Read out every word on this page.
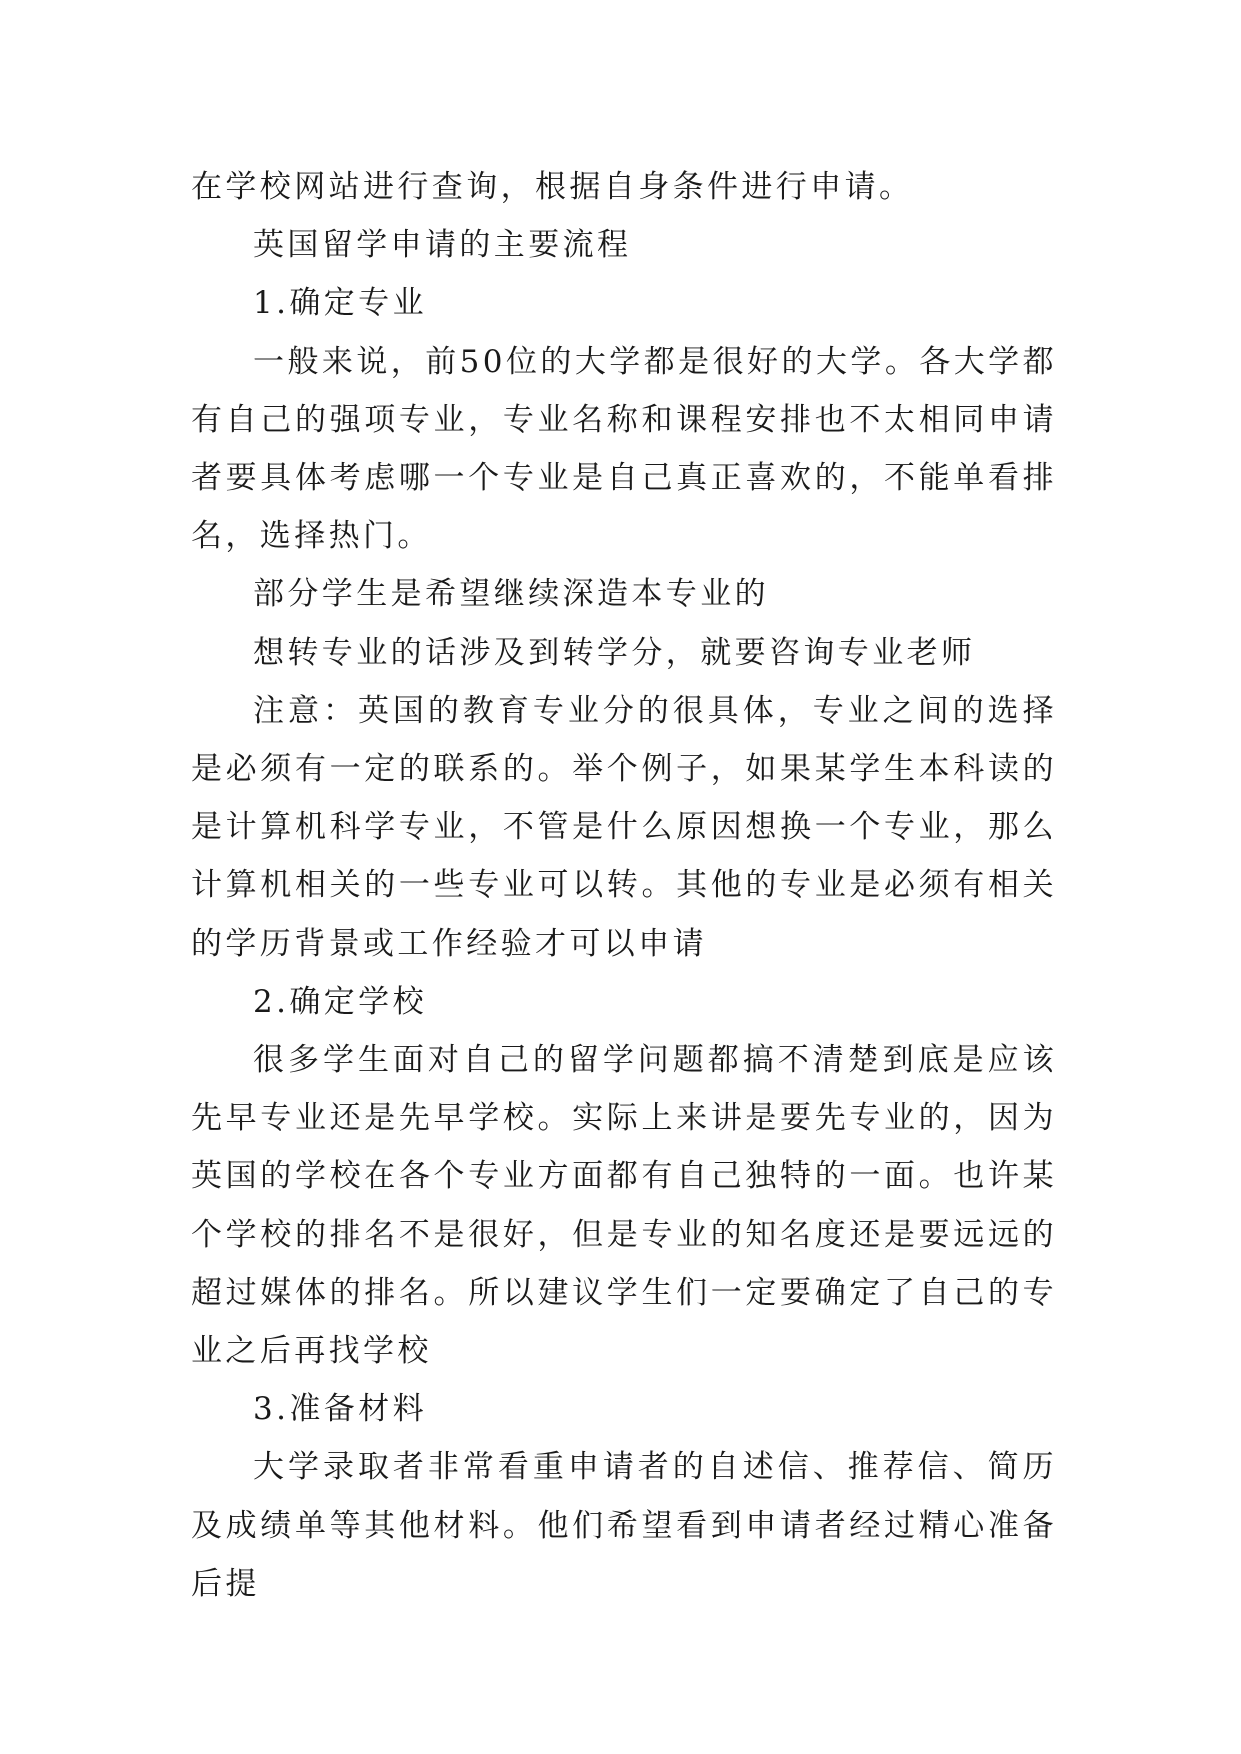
在学校网站进行查询，根据自身条件进行申请。

英国留学申请的主要流程

1.确定专业

一般来说，前50位的大学都是很好的大学。各大学都有自己的强项专业，专业名称和课程安排也不太相同申请者要具体考虑哪一个专业是自己真正喜欢的，不能单看排名，选择热门。

部分学生是希望继续深造本专业的

想转专业的话涉及到转学分，就要咨询专业老师

注意：英国的教育专业分的很具体，专业之间的选择是必须有一定的联系的。举个例子，如果某学生本科读的是计算机科学专业，不管是什么原因想换一个专业，那么计算机相关的一些专业可以转。其他的专业是必须有相关的学历背景或工作经验才可以申请

2.确定学校

很多学生面对自己的留学问题都搞不清楚到底是应该先早专业还是先早学校。实际上来讲是要先专业的，因为英国的学校在各个专业方面都有自己独特的一面。也许某个学校的排名不是很好，但是专业的知名度还是要远远的超过媒体的排名。所以建议学生们一定要确定了自己的专业之后再找学校

3.准备材料

大学录取者非常看重申请者的自述信、推荐信、简历及成绩单等其他材料。他们希望看到申请者经过精心准备后提
